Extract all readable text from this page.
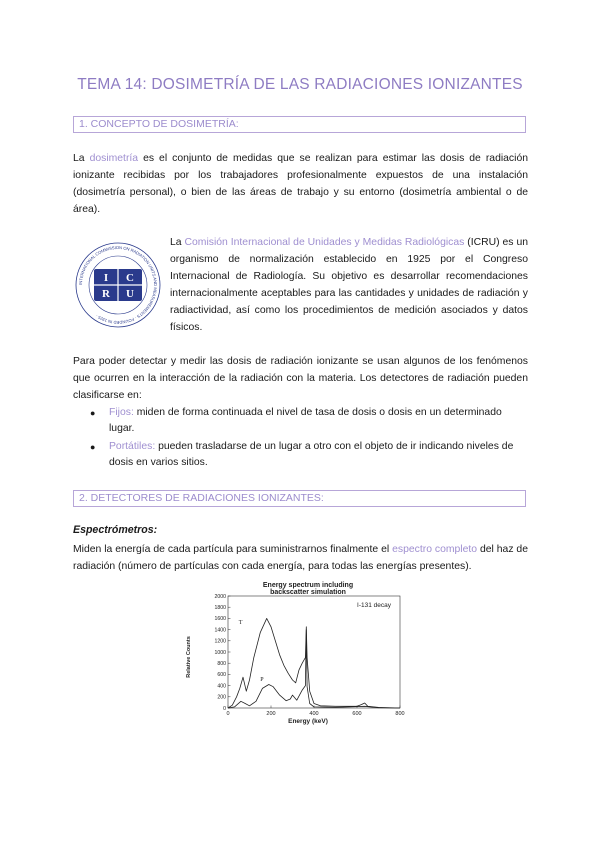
TEMA 14: DOSIMETRÍA DE LAS RADIACIONES IONIZANTES
1. CONCEPTO DE DOSIMETRÍA:
La dosimetría es el conjunto de medidas que se realizan para estimar las dosis de radiación ionizante recibidas por los trabajadores profesionalmente expuestos de una instalación (dosimetría personal), o bien de las áreas de trabajo y su entorno (dosimetría ambiental o de área).
INTERNATIONAL COMMISSION ON RADIATION UNITS AND MEASUREMENTS · FOUNDED IN 1925 ·
I C
R U
La Comisión Internacional de Unidades y Medidas Radiológicas (ICRU) es un organismo de normalización establecido en 1925 por el Congreso Internacional de Radiología. Su objetivo es desarrollar recomendaciones internacionalmente aceptables para las cantidades y unidades de radiación y radiactividad, así como los procedimientos de medición asociados y datos físicos.
Para poder detectar y medir las dosis de radiación ionizante se usan algunos de los fenómenos que ocurren en la interacción de la radiación con la materia. Los detectores de radiación pueden clasificarse en:
● Fijos: miden de forma continuada el nivel de tasa de dosis o dosis en un determinado lugar.
● Portátiles: pueden trasladarse de un lugar a otro con el objeto de ir indicando niveles de dosis en varios sitios.
2. DETECTORES DE RADIACIONES IONIZANTES:
Espectrómetros:
Miden la energía de cada partícula para suministrarnos finalmente el espectro completo del haz de radiación (número de partículas con cada energía, para todas las energías presentes).
Energy spectrum including backscatter simulation
I-131 decay
Energy (keV)
Relative Counts
0
200
400
600
800
1000
1200
1400
1600
1800
2000
0	200	400	600	800
T
P
